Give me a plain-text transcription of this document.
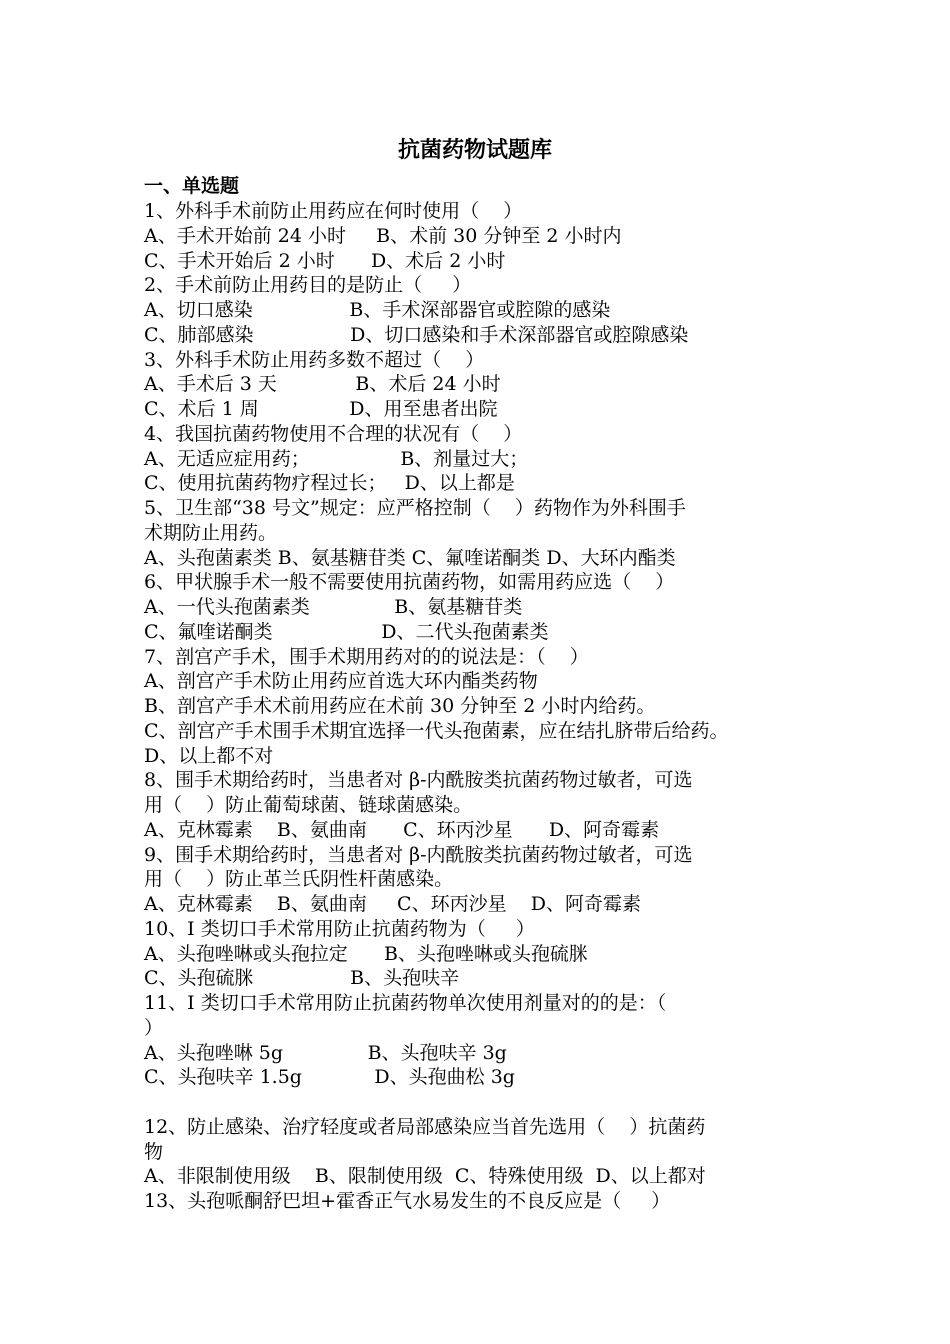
抗菌药物试题库
一、单选题
1、外科手术前防止用药应在何时使用（    ）
A、手术开始前 24 小时     B、术前 30 分钟至 2 小时内
C、手术开始后 2 小时      D、术后 2 小时
2、手术前防止用药目的是防止（     ）
A、切口感染                B、手术深部器官或腔隙的感染
C、肺部感染                D、切口感染和手术深部器官或腔隙感染
3、外科手术防止用药多数不超过（    ）
A、手术后 3 天             B、术后 24 小时
C、术后 1 周               D、用至患者出院
4、我国抗菌药物使用不合理的状况有（    ）
A、无适应症用药；               B、剂量过大；
C、使用抗菌药物疗程过长；   D、以上都是
5、卫生部“38 号文”规定：应严格控制（    ）药物作为外科围手
术期防止用药。
A、头孢菌素类 B、氨基糖苷类 C、氟喹诺酮类 D、大环内酯类
6、甲状腺手术一般不需要使用抗菌药物，如需用药应选（    ）
A、一代头孢菌素类              B、氨基糖苷类
C、氟喹诺酮类                  D、二代头孢菌素类
7、剖宫产手术，围手术期用药对的的说法是：（    ）
A、剖宫产手术防止用药应首选大环内酯类药物
B、剖宫产手术术前用药应在术前 30 分钟至 2 小时内给药。
C、剖宫产手术围手术期宜选择一代头孢菌素，应在结扎脐带后给药。
D、以上都不对
8、围手术期给药时，当患者对 β-内酰胺类抗菌药物过敏者，可选
用（    ）防止葡萄球菌、链球菌感染。
A、克林霉素    B、氨曲南      C、环丙沙星      D、阿奇霉素
9、围手术期给药时，当患者对 β-内酰胺类抗菌药物过敏者，可选
用（    ）防止革兰氏阴性杆菌感染。
A、克林霉素    B、氨曲南     C、环丙沙星    D、阿奇霉素
10、I 类切口手术常用防止抗菌药物为（     ）
A、头孢唑啉或头孢拉定      B、头孢唑啉或头孢硫脒
C、头孢硫脒                B、头孢呋辛
11、I 类切口手术常用防止抗菌药物单次使用剂量对的的是：（
）
A、头孢唑啉 5g              B、头孢呋辛 3g
C、头孢呋辛 1.5g            D、头孢曲松 3g
12、防止感染、治疗轻度或者局部感染应当首先选用（    ）抗菌药
物
A、非限制使用级    B、限制使用级  C、特殊使用级  D、以上都对
13、头孢哌酮舒巴坦+霍香正气水易发生的不良反应是（     ）
